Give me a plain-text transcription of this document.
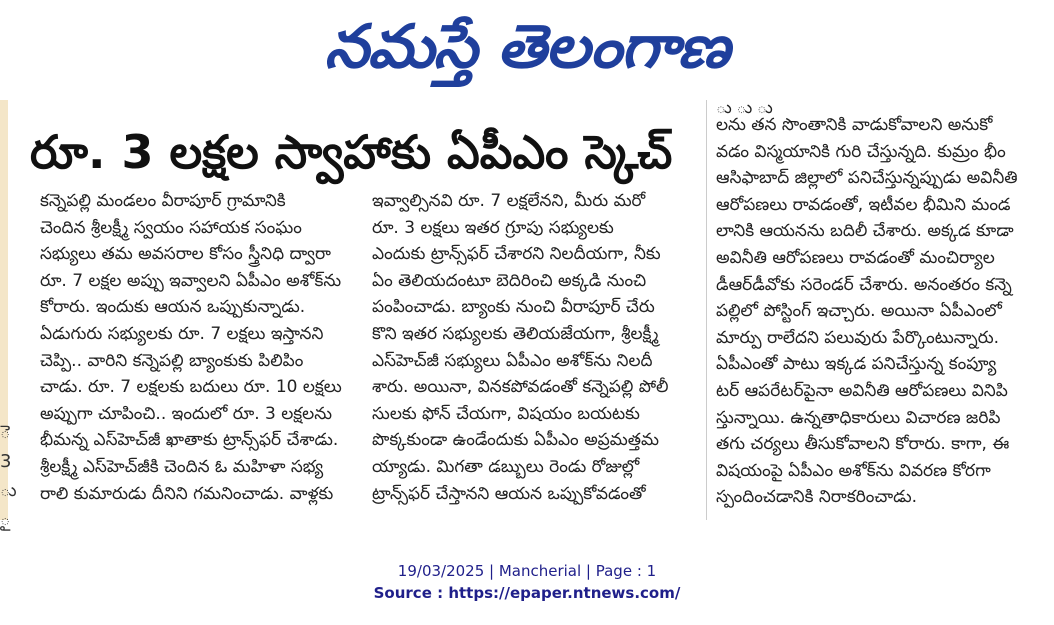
నమస్తే తెలంగాణ
ె
3
ు
ౖ
రూ. 3 లక్షల స్వాహాకు ఏపీఎం స్కెచ్
కన్నెపల్లి మండలం వీరాపూర్ గ్రామానికి
చెందిన శ్రీలక్ష్మీ స్వయం సహాయక సంఘం
సభ్యులు తమ అవసరాల కోసం స్త్రీనిధి ద్వారా
రూ. 7 లక్షల అప్పు ఇవ్వాలని ఏపీఎం అశోక్‌ను
కోరారు. ఇందుకు ఆయన ఒప్పుకున్నాడు.
ఏడుగురు సభ్యులకు రూ. 7 లక్షలు ఇస్తానని
చెప్పి.. వారిని కన్నెపల్లి బ్యాంకుకు పిలిపిం
చాడు. రూ. 7 లక్షలకు బదులు రూ. 10 లక్షలు
అప్పుగా చూపించి.. ఇందులో రూ. 3 లక్షలను
భీమన్న ఎస్‌హెచ్‌జీ ఖాతాకు ట్రాన్స్‌ఫర్ చేశాడు.
శ్రీలక్ష్మీ ఎస్‌హెచ్‌జీకి చెందిన ఓ మహిళా సభ్య
రాలి కుమారుడు దీనిని గమనించాడు. వాళ్లకు
ఇవ్వాల్సినవి రూ. 7 లక్షలేనని, మీరు మరో
రూ. 3 లక్షలు ఇతర గ్రూపు సభ్యులకు
ఎందుకు ట్రాన్స్‌ఫర్ చేశారని నిలదీయగా, నీకు
ఏం తెలియదంటూ బెదిరించి అక్కడి నుంచి
పంపించాడు. బ్యాంకు నుంచి వీరాపూర్ చేరు
కొని ఇతర సభ్యులకు తెలియజేయగా, శ్రీలక్ష్మీ
ఎస్‌హెచ్‌జీ సభ్యులు ఏపీఎం అశోక్‌ను నిలదీ
శారు. అయినా, వినకపోవడంతో కన్నెపల్లి పోలీ
సులకు ఫోన్ చేయగా, విషయం బయటకు
పొక్కకుండా ఉండేందుకు ఏపీఎం అప్రమత్తమ
య్యాడు. మిగతా డబ్బులు రెండు రోజుల్లో
ట్రాన్స్‌ఫర్ చేస్తానని ఆయన ఒప్పుకోవడంతో
ు ు ు
లను తన సొంతానికి వాడుకోవాలని అనుకో
వడం విస్మయానికి గురి చేస్తున్నది. కుమ్రం భీం
ఆసిఫాబాద్ జిల్లాలో పనిచేస్తున్నప్పుడు అవినీతి
ఆరోపణలు రావడంతో, ఇటీవల భీమిని మండ
లానికి ఆయనను బదిలీ చేశారు. అక్కడ కూడా
అవినీతి ఆరోపణలు రావడంతో మంచిర్యాల
డీఆర్‌డీవోకు సరెండర్ చేశారు. అనంతరం కన్నె
పల్లిలో పోస్టింగ్ ఇచ్చారు. అయినా ఏపీఎంలో
మార్పు రాలేదని పలువురు పేర్కొంటున్నారు.
ఏపీఎంతో పాటు ఇక్కడ పనిచేస్తున్న కంప్యూ
టర్ ఆపరేటర్‌పైనా అవినీతి ఆరోపణలు వినిపి
స్తున్నాయి. ఉన్నతాధికారులు విచారణ జరిపి
తగు చర్యలు తీసుకోవాలని కోరారు. కాగా, ఈ
విషయంపై ఏపీఎం అశోక్‌ను వివరణ కోరగా
స్పందించడానికి నిరాకరించాడు.
19/03/2025 | Mancherial | Page : 1
Source : https://epaper.ntnews.com/
